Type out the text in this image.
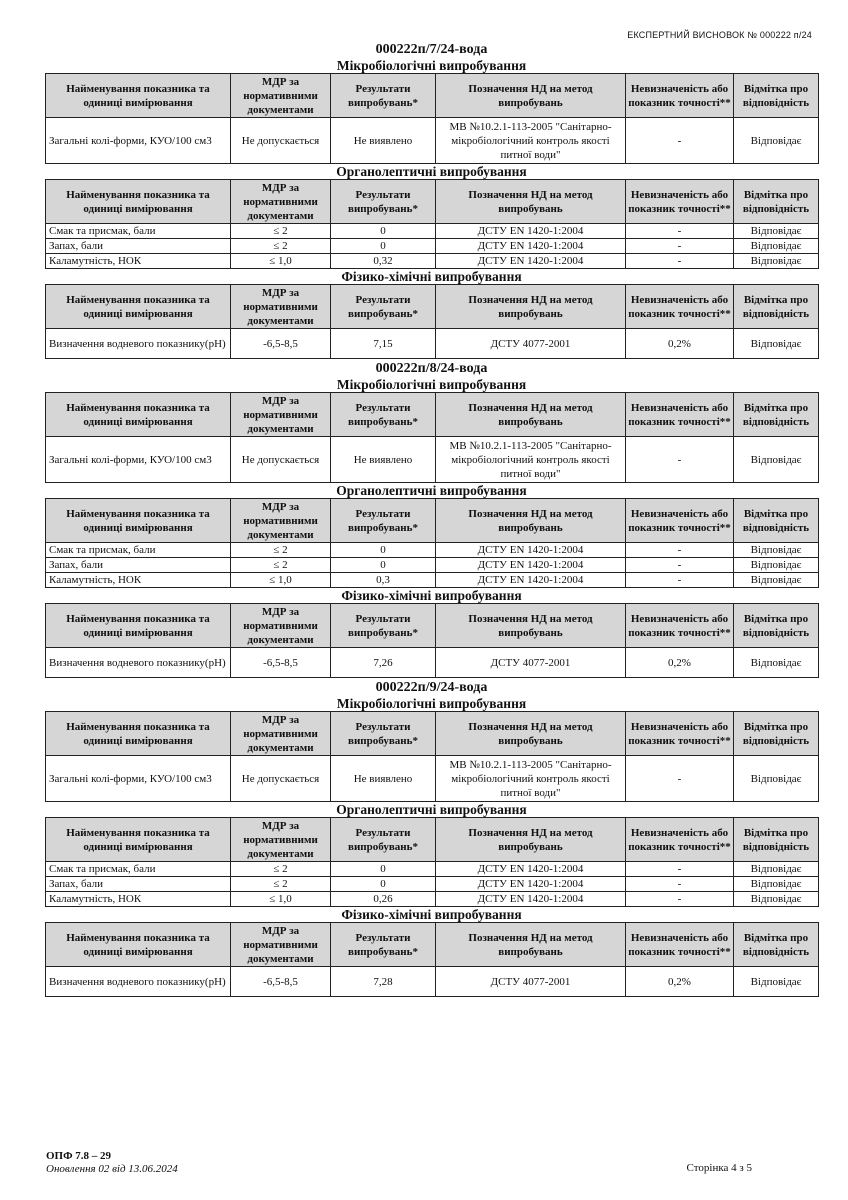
ЕКСПЕРТНИЙ ВИСНОВОК № 000222 п/24
000222п/7/24-вода
Мікробіологічні випробування
Найменування показника та одиниці вимірювання	МДР за нормативними документами	Результати випробувань*	Позначення НД на метод випробувань	Невизначеність або показник точності**	Відмітка про відповідність
Загальні колі-форми, КУО/100 см3	Не допускається	Не виявлено	МВ №10.2.1-113-2005 "Санітарно-мікробіологічний контроль якості питної води"	-	Відповідає
Органолептичні випробування
Найменування показника та одиниці вимірювання	МДР за нормативними документами	Результати випробувань*	Позначення НД на метод випробувань	Невизначеність або показник точності**	Відмітка про відповідність
Смак та присмак, бали	≤ 2	0	ДСТУ EN 1420-1:2004	-	Відповідає
Запах, бали	≤ 2	0	ДСТУ EN 1420-1:2004	-	Відповідає
Каламутність, НОК	≤ 1,0	0,32	ДСТУ EN 1420-1:2004	-	Відповідає
Фізико-хімічні випробування
Найменування показника та одиниці вимірювання	МДР за нормативними документами	Результати випробувань*	Позначення НД на метод випробувань	Невизначеність або показник точності**	Відмітка про відповідність
Визначення водневого показнику(pH)	-6,5-8,5	7,15	ДСТУ 4077-2001	0,2%	Відповідає
000222п/8/24-вода
Мікробіологічні випробування
Найменування показника та одиниці вимірювання	МДР за нормативними документами	Результати випробувань*	Позначення НД на метод випробувань	Невизначеність або показник точності**	Відмітка про відповідність
Загальні колі-форми, КУО/100 см3	Не допускається	Не виявлено	МВ №10.2.1-113-2005 "Санітарно-мікробіологічний контроль якості питної води"	-	Відповідає
Органолептичні випробування
Найменування показника та одиниці вимірювання	МДР за нормативними документами	Результати випробувань*	Позначення НД на метод випробувань	Невизначеність або показник точності**	Відмітка про відповідність
Смак та присмак, бали	≤ 2	0	ДСТУ EN 1420-1:2004	-	Відповідає
Запах, бали	≤ 2	0	ДСТУ EN 1420-1:2004	-	Відповідає
Каламутність, НОК	≤ 1,0	0,3	ДСТУ EN 1420-1:2004	-	Відповідає
Фізико-хімічні випробування
Найменування показника та одиниці вимірювання	МДР за нормативними документами	Результати випробувань*	Позначення НД на метод випробувань	Невизначеність або показник точності**	Відмітка про відповідність
Визначення водневого показнику(pH)	-6,5-8,5	7,26	ДСТУ 4077-2001	0,2%	Відповідає
000222п/9/24-вода
Мікробіологічні випробування
Найменування показника та одиниці вимірювання	МДР за нормативними документами	Результати випробувань*	Позначення НД на метод випробувань	Невизначеність або показник точності**	Відмітка про відповідність
Загальні колі-форми, КУО/100 см3	Не допускається	Не виявлено	МВ №10.2.1-113-2005 "Санітарно-мікробіологічний контроль якості питної води"	-	Відповідає
Органолептичні випробування
Найменування показника та одиниці вимірювання	МДР за нормативними документами	Результати випробувань*	Позначення НД на метод випробувань	Невизначеність або показник точності**	Відмітка про відповідність
Смак та присмак, бали	≤ 2	0	ДСТУ EN 1420-1:2004	-	Відповідає
Запах, бали	≤ 2	0	ДСТУ EN 1420-1:2004	-	Відповідає
Каламутність, НОК	≤ 1,0	0,26	ДСТУ EN 1420-1:2004	-	Відповідає
Фізико-хімічні випробування
Найменування показника та одиниці вимірювання	МДР за нормативними документами	Результати випробувань*	Позначення НД на метод випробувань	Невизначеність або показник точності**	Відмітка про відповідність
Визначення водневого показнику(pH)	-6,5-8,5	7,28	ДСТУ 4077-2001	0,2%	Відповідає
ОПФ 7.8 – 29
Оновлення 02 від 13.06.2024	Сторінка 4 з 5
